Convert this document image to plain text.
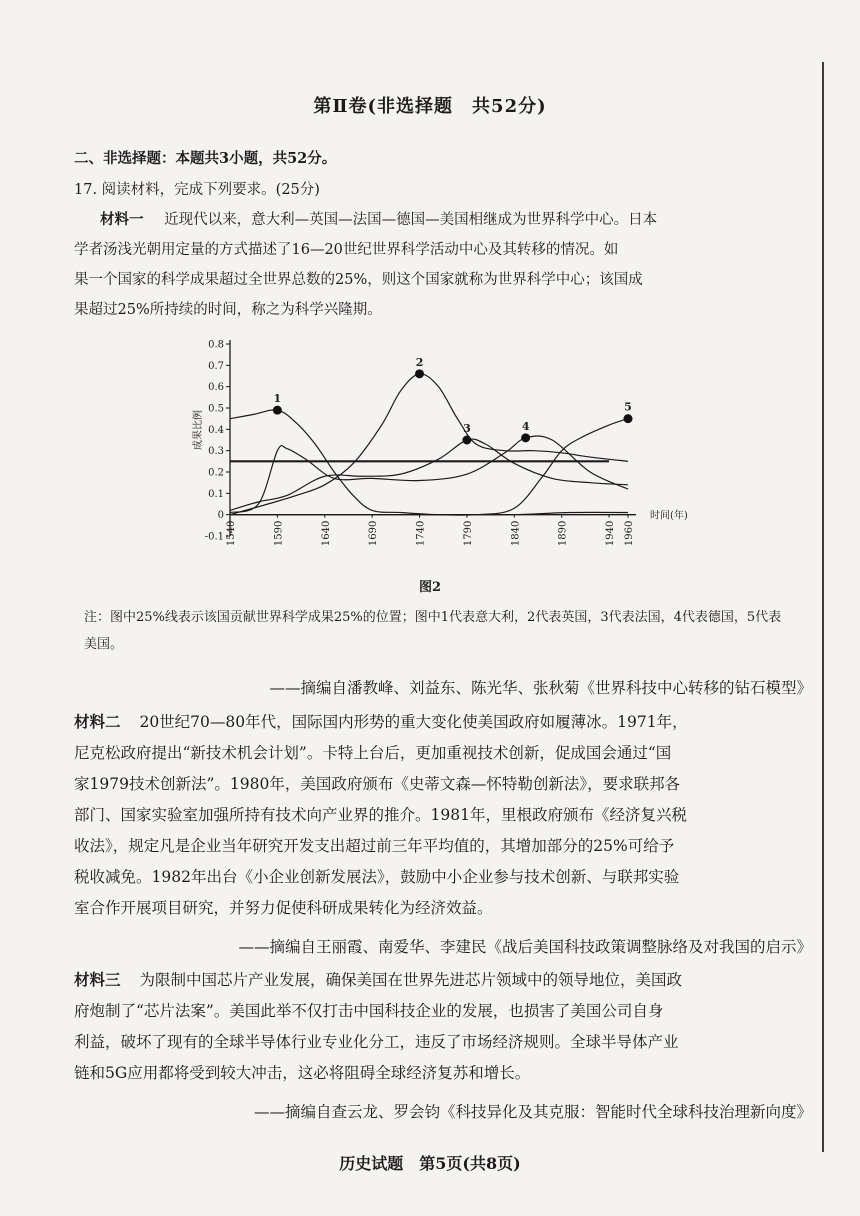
第Ⅱ卷(非选择题　共52分)
二、非选择题：本题共3小题，共52分。
17. 阅读材料，完成下列要求。(25分)
材料一 近现代以来，意大利—英国—法国—德国—美国相继成为世界科学中心。日本
学者汤浅光朝用定量的方式描述了16—20世纪世界科学活动中心及其转移的情况。如
果一个国家的科学成果超过全世界总数的25%，则这个国家就称为世界科学中心；该国成
果超过25%所持续的时间，称之为科学兴隆期。
0.8
0.7
0.6
0.5
0.4
0.3
0.2
0.1
0
-0.1 1540	1590	1640	1690	1740	1790	1840	1890	1940 1960
成果比例
时间(年)
1
2
3	4
5
图2
注：图中25%线表示该国贡献世界科学成果25%的位置；图中1代表意大利，2代表英国，3代表法国，4代表德国，5代表美国。
——摘编自潘教峰、刘益东、陈光华、张秋菊《世界科技中心转移的钻石模型》
材料二 20世纪70—80年代，国际国内形势的重大变化使美国政府如履薄冰。1971年，
尼克松政府提出“新技术机会计划”。卡特上台后，更加重视技术创新，促成国会通过“国
家1979技术创新法”。1980年，美国政府颁布《史蒂文森—怀特勒创新法》，要求联邦各
部门、国家实验室加强所持有技术向产业界的推介。1981年，里根政府颁布《经济复兴税
收法》，规定凡是企业当年研究开发支出超过前三年平均值的，其增加部分的25%可给予
税收减免。1982年出台《小企业创新发展法》，鼓励中小企业参与技术创新、与联邦实验
室合作开展项目研究，并努力促使科研成果转化为经济效益。
——摘编自王丽霞、南爱华、李建民《战后美国科技政策调整脉络及对我国的启示》
材料三 为限制中国芯片产业发展，确保美国在世界先进芯片领域中的领导地位，美国政
府炮制了“芯片法案”。美国此举不仅打击中国科技企业的发展，也损害了美国公司自身
利益，破坏了现有的全球半导体行业专业化分工，违反了市场经济规则。全球半导体产业
链和5G应用都将受到较大冲击，这必将阻碍全球经济复苏和增长。
——摘编自查云龙、罗会钧《科技异化及其克服：智能时代全球科技治理新向度》
历史试题　第5页(共8页)
